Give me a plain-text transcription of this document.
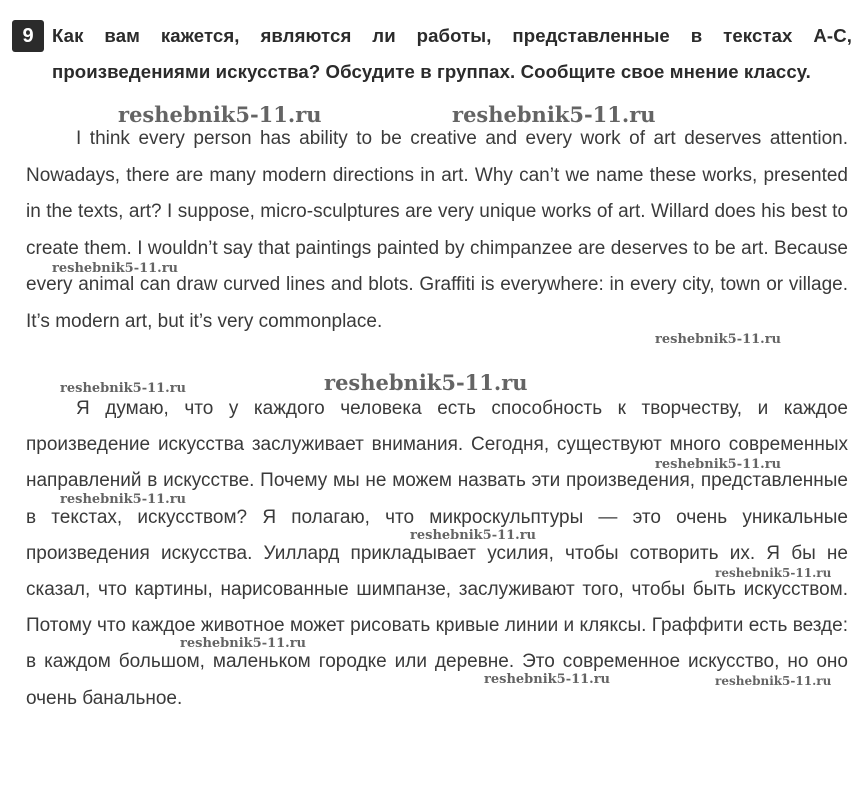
9 Как вам кажется, являются ли работы, представленные в текстах А-С, произведениями искусства? Обсудите в группах. Сообщите свое мнение классу.

I think every person has ability to be creative and every work of art deserves attention. Nowadays, there are many modern directions in art. Why can’t we name these works, presented in the texts, art? I suppose, micro-sculptures are very unique works of art. Willard does his best to create them. I wouldn’t say that paintings painted by chimpanzee are deserves to be art. Because every animal can draw curved lines and blots. Graffiti is everywhere: in every city, town or village. It’s modern art, but it’s very commonplace.

Я думаю, что у каждого человека есть способность к творчеству, и каждое произведение искусства заслуживает внимания. Сегодня, существуют много современных направлений в искусстве. Почему мы не можем назвать эти произведения, представленные в текстах, искусством? Я полагаю, что микроскульптуры — это очень уникальные произведения искусства. Уиллард прикладывает усилия, чтобы сотворить их. Я бы не сказал, что картины, нарисованные шимпанзе, заслуживают того, чтобы быть искусством. Потому что каждое животное может рисовать кривые линии и кляксы. Граффити есть везде: в каждом большом, маленьком городке или деревне. Это современное искусство, но оно очень банальное.

reshebnik5-11.ru	reshebnik5-11.ru
reshebnik5-11.ru
reshebnik5-11.ru
reshebnik5-11.ru	reshebnik5-11.ru
reshebnik5-11.ru
reshebnik5-11.ru
reshebnik5-11.ru
reshebnik5-11.ru
reshebnik5-11.ru
reshebnik5-11.ru	reshebnik5-11.ru
